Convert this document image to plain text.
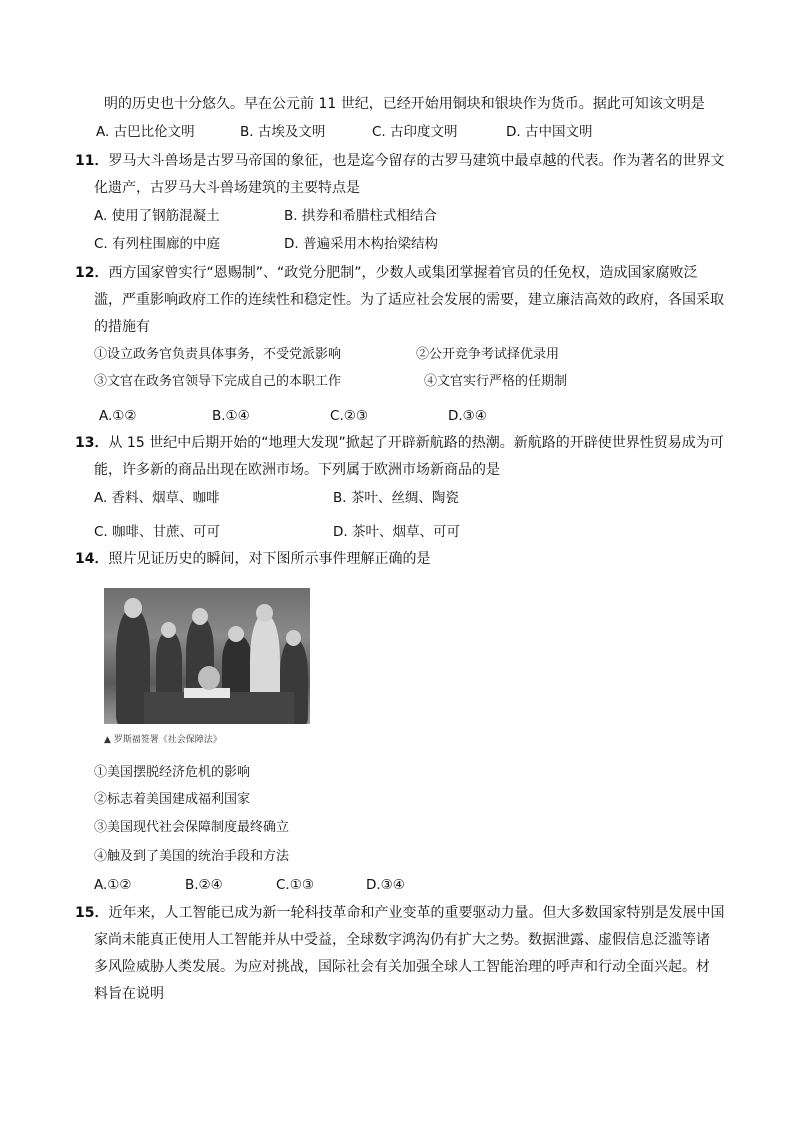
明的历史也十分悠久。早在公元前 11 世纪，已经开始用铜块和银块作为货币。据此可知该文明是
A. 古巴比伦文明	B. 古埃及文明	C. 古印度文明	D. 古中国文明
11．罗马大斗兽场是古罗马帝国的象征，也是迄今留存的古罗马建筑中最卓越的代表。作为著名的世界文
化遗产，古罗马大斗兽场建筑的主要特点是
A. 使用了钢筋混凝土	B. 拱券和希腊柱式相结合
C. 有列柱围廊的中庭	D. 普遍采用木构抬梁结构
12．西方国家曾实行“恩赐制”、“政党分肥制”，少数人或集团掌握着官员的任免权，造成国家腐败泛
滥，严重影响政府工作的连续性和稳定性。为了适应社会发展的需要，建立廉洁高效的政府，各国采取
的措施有
①设立政务官负责具体事务，不受党派影响	②公开竞争考试择优录用
③文官在政务官领导下完成自己的本职工作	④文官实行严格的任期制
A.①②	B.①④	C.②③	D.③④
13．从 15 世纪中后期开始的“地理大发现”掀起了开辟新航路的热潮。新航路的开辟使世界性贸易成为可
能，许多新的商品出现在欧洲市场。下列属于欧洲市场新商品的是
A. 香料、烟草、咖啡	B. 茶叶、丝绸、陶瓷
C. 咖啡、甘蔗、可可	D. 茶叶、烟草、可可
14．照片见证历史的瞬间，对下图所示事件理解正确的是
▲ 罗斯福签署《社会保障法》
①美国摆脱经济危机的影响
②标志着美国建成福利国家
③美国现代社会保障制度最终确立
④触及到了美国的统治手段和方法
A.①②	B.②④	C.①③	D.③④
15．近年来，人工智能已成为新一轮科技革命和产业变革的重要驱动力量。但大多数国家特别是发展中国
家尚未能真正使用人工智能并从中受益，全球数字鸿沟仍有扩大之势。数据泄露、虚假信息泛滥等诸
多风险威胁人类发展。为应对挑战，国际社会有关加强全球人工智能治理的呼声和行动全面兴起。材
料旨在说明
